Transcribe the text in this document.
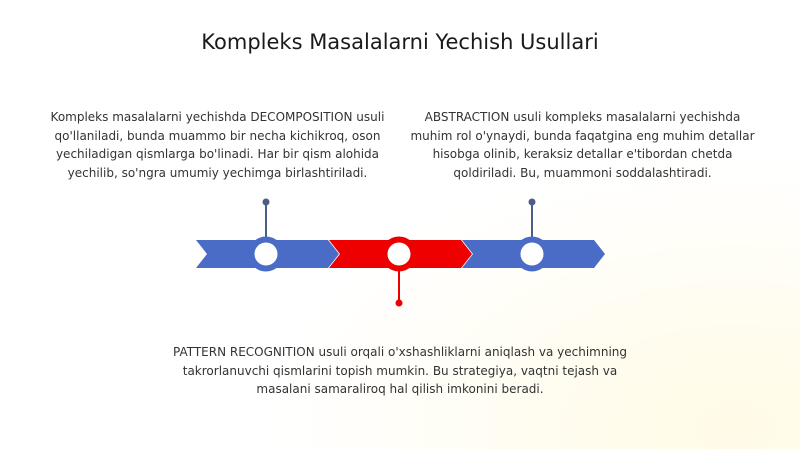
Kompleks Masalalarni Yechish Usullari
Kompleks masalalarni yechishda DECOMPOSITION usuli qo'llaniladi, bunda muammo bir necha kichikroq, oson yechiladigan qismlarga bo'linadi. Har bir qism alohida yechilib, so'ngra umumiy yechimga birlashtiriladi.
ABSTRACTION usuli kompleks masalalarni yechishda muhim rol o'ynaydi, bunda faqatgina eng muhim detallar hisobga olinib, keraksiz detallar e'tibordan chetda qoldiriladi. Bu, muammoni soddalashtiradi.
PATTERN RECOGNITION usuli orqali o'xshashliklarni aniqlash va yechimning takrorlanuvchi qismlarini topish mumkin. Bu strategiya, vaqtni tejash va masalani samaraliroq hal qilish imkonini beradi.
